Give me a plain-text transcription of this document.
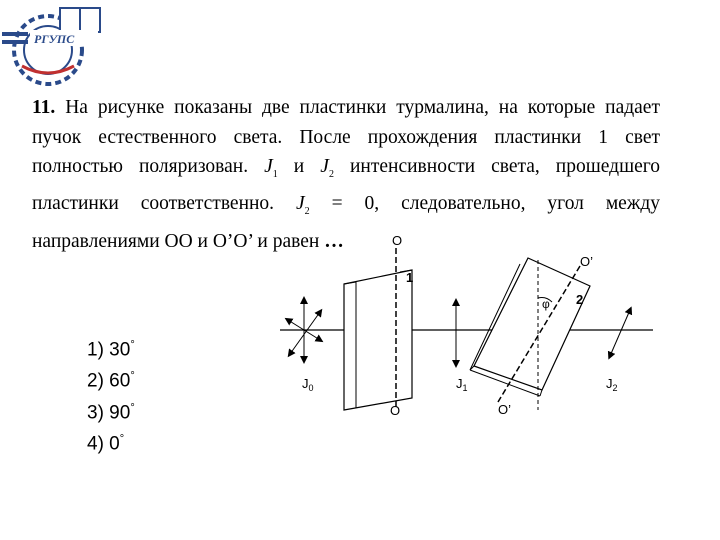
РГУПС

11. На рисунке показаны две пластинки турмалина, на которые падает пучок естественного света. После прохождения пластинки 1 свет полностью поляризован. $J_1$ и $J_2$ интенсивности света, прошедшего пластинки соответственно. $J_2 = 0$, следовательно, угол между направлениями ОО и О’О’ и равен …

1) 30°
2) 60°
3) 90°
4) 0°
О
О
1
φ
О’
О’
2
$J_0$	$J_1$	$J_2$
